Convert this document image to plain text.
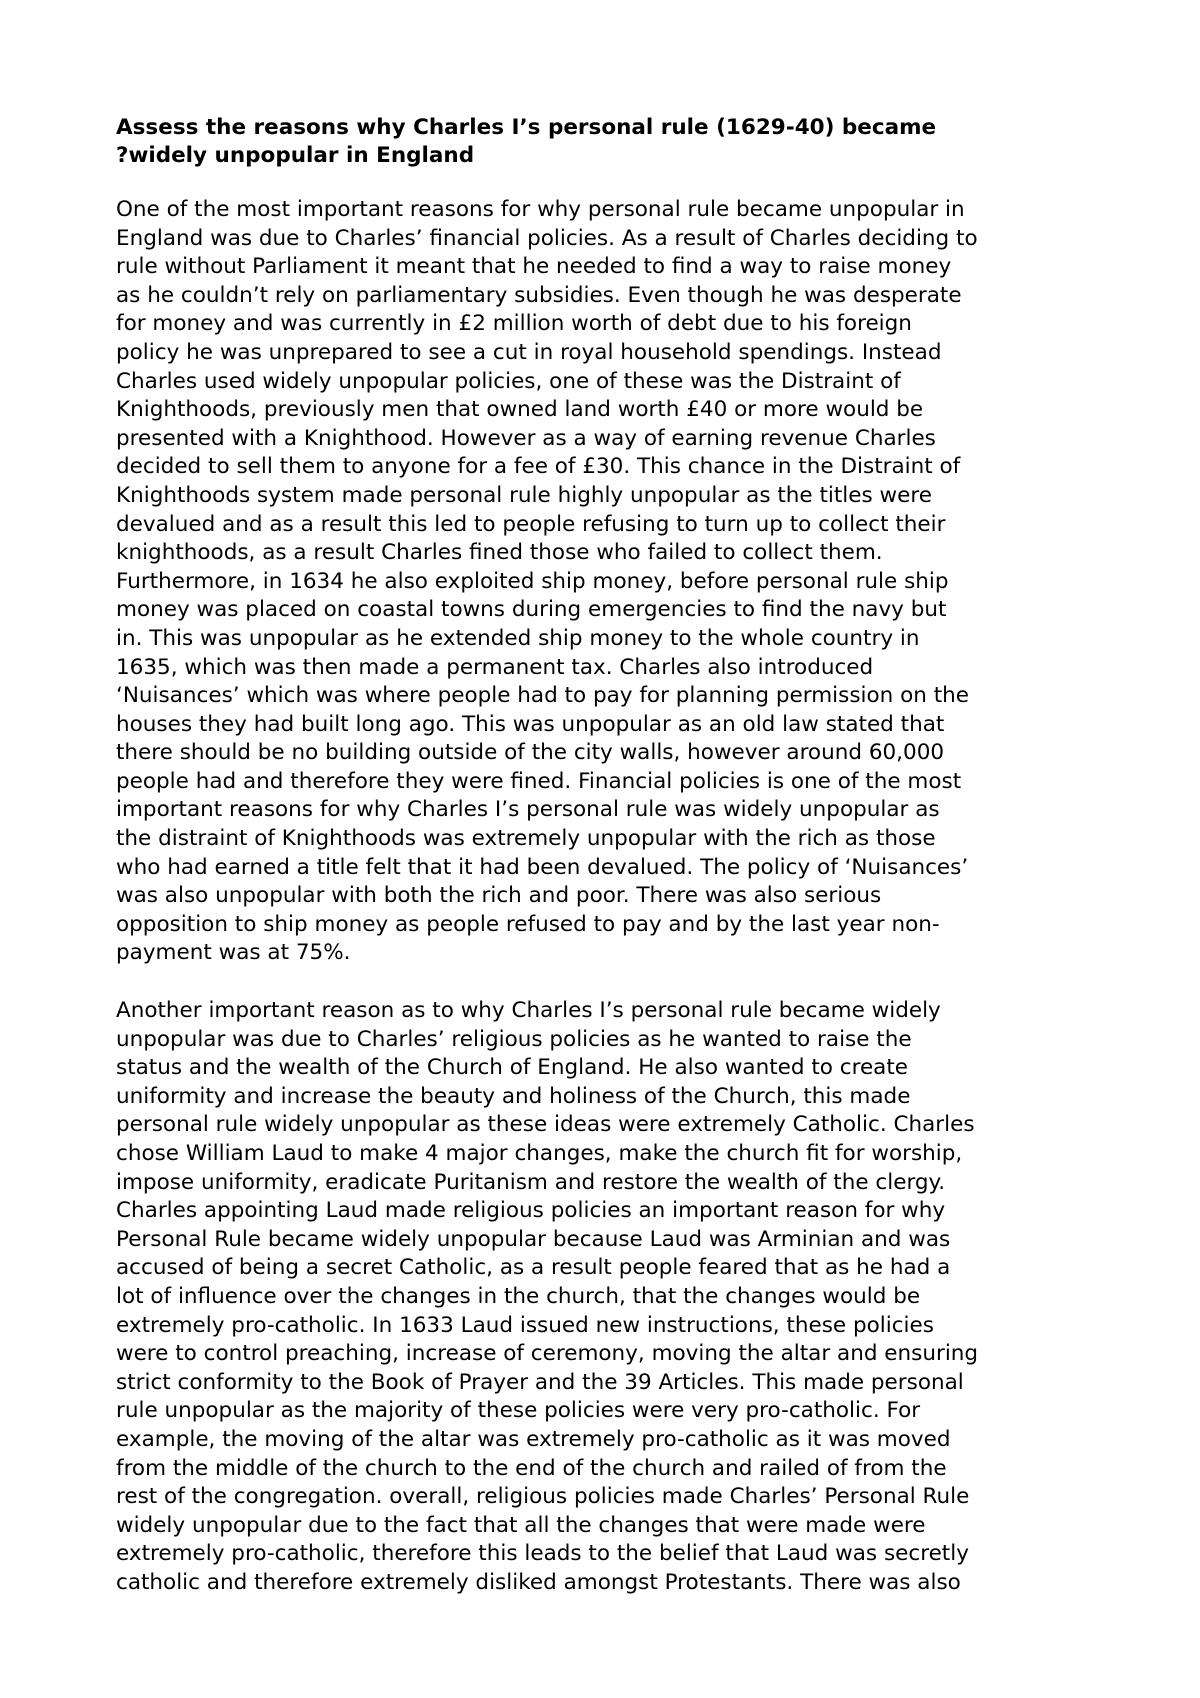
Assess the reasons why Charles I’s personal rule (1629-40) became
?widely unpopular in England

One of the most important reasons for why personal rule became unpopular in
England was due to Charles’ financial policies. As a result of Charles deciding to
rule without Parliament it meant that he needed to find a way to raise money
as he couldn’t rely on parliamentary subsidies. Even though he was desperate
for money and was currently in £2 million worth of debt due to his foreign
policy he was unprepared to see a cut in royal household spendings. Instead
Charles used widely unpopular policies, one of these was the Distraint of
Knighthoods, previously men that owned land worth £40 or more would be
presented with a Knighthood. However as a way of earning revenue Charles
decided to sell them to anyone for a fee of £30. This chance in the Distraint of
Knighthoods system made personal rule highly unpopular as the titles were
devalued and as a result this led to people refusing to turn up to collect their
knighthoods, as a result Charles fined those who failed to collect them.
Furthermore, in 1634 he also exploited ship money, before personal rule ship
money was placed on coastal towns during emergencies to find the navy but
in. This was unpopular as he extended ship money to the whole country in
1635, which was then made a permanent tax. Charles also introduced
‘Nuisances’ which was where people had to pay for planning permission on the
houses they had built long ago. This was unpopular as an old law stated that
there should be no building outside of the city walls, however around 60,000
people had and therefore they were fined. Financial policies is one of the most
important reasons for why Charles I’s personal rule was widely unpopular as
the distraint of Knighthoods was extremely unpopular with the rich as those
who had earned a title felt that it had been devalued. The policy of ‘Nuisances’
was also unpopular with both the rich and poor. There was also serious
opposition to ship money as people refused to pay and by the last year non-
payment was at 75%.

Another important reason as to why Charles I’s personal rule became widely
unpopular was due to Charles’ religious policies as he wanted to raise the
status and the wealth of the Church of England. He also wanted to create
uniformity and increase the beauty and holiness of the Church, this made
personal rule widely unpopular as these ideas were extremely Catholic. Charles
chose William Laud to make 4 major changes, make the church fit for worship,
impose uniformity, eradicate Puritanism and restore the wealth of the clergy.
Charles appointing Laud made religious policies an important reason for why
Personal Rule became widely unpopular because Laud was Arminian and was
accused of being a secret Catholic, as a result people feared that as he had a
lot of influence over the changes in the church, that the changes would be
extremely pro-catholic. In 1633 Laud issued new instructions, these policies
were to control preaching, increase of ceremony, moving the altar and ensuring
strict conformity to the Book of Prayer and the 39 Articles. This made personal
rule unpopular as the majority of these policies were very pro-catholic. For
example, the moving of the altar was extremely pro-catholic as it was moved
from the middle of the church to the end of the church and railed of from the
rest of the congregation. overall, religious policies made Charles’ Personal Rule
widely unpopular due to the fact that all the changes that were made were
extremely pro-catholic, therefore this leads to the belief that Laud was secretly
catholic and therefore extremely disliked amongst Protestants. There was also
